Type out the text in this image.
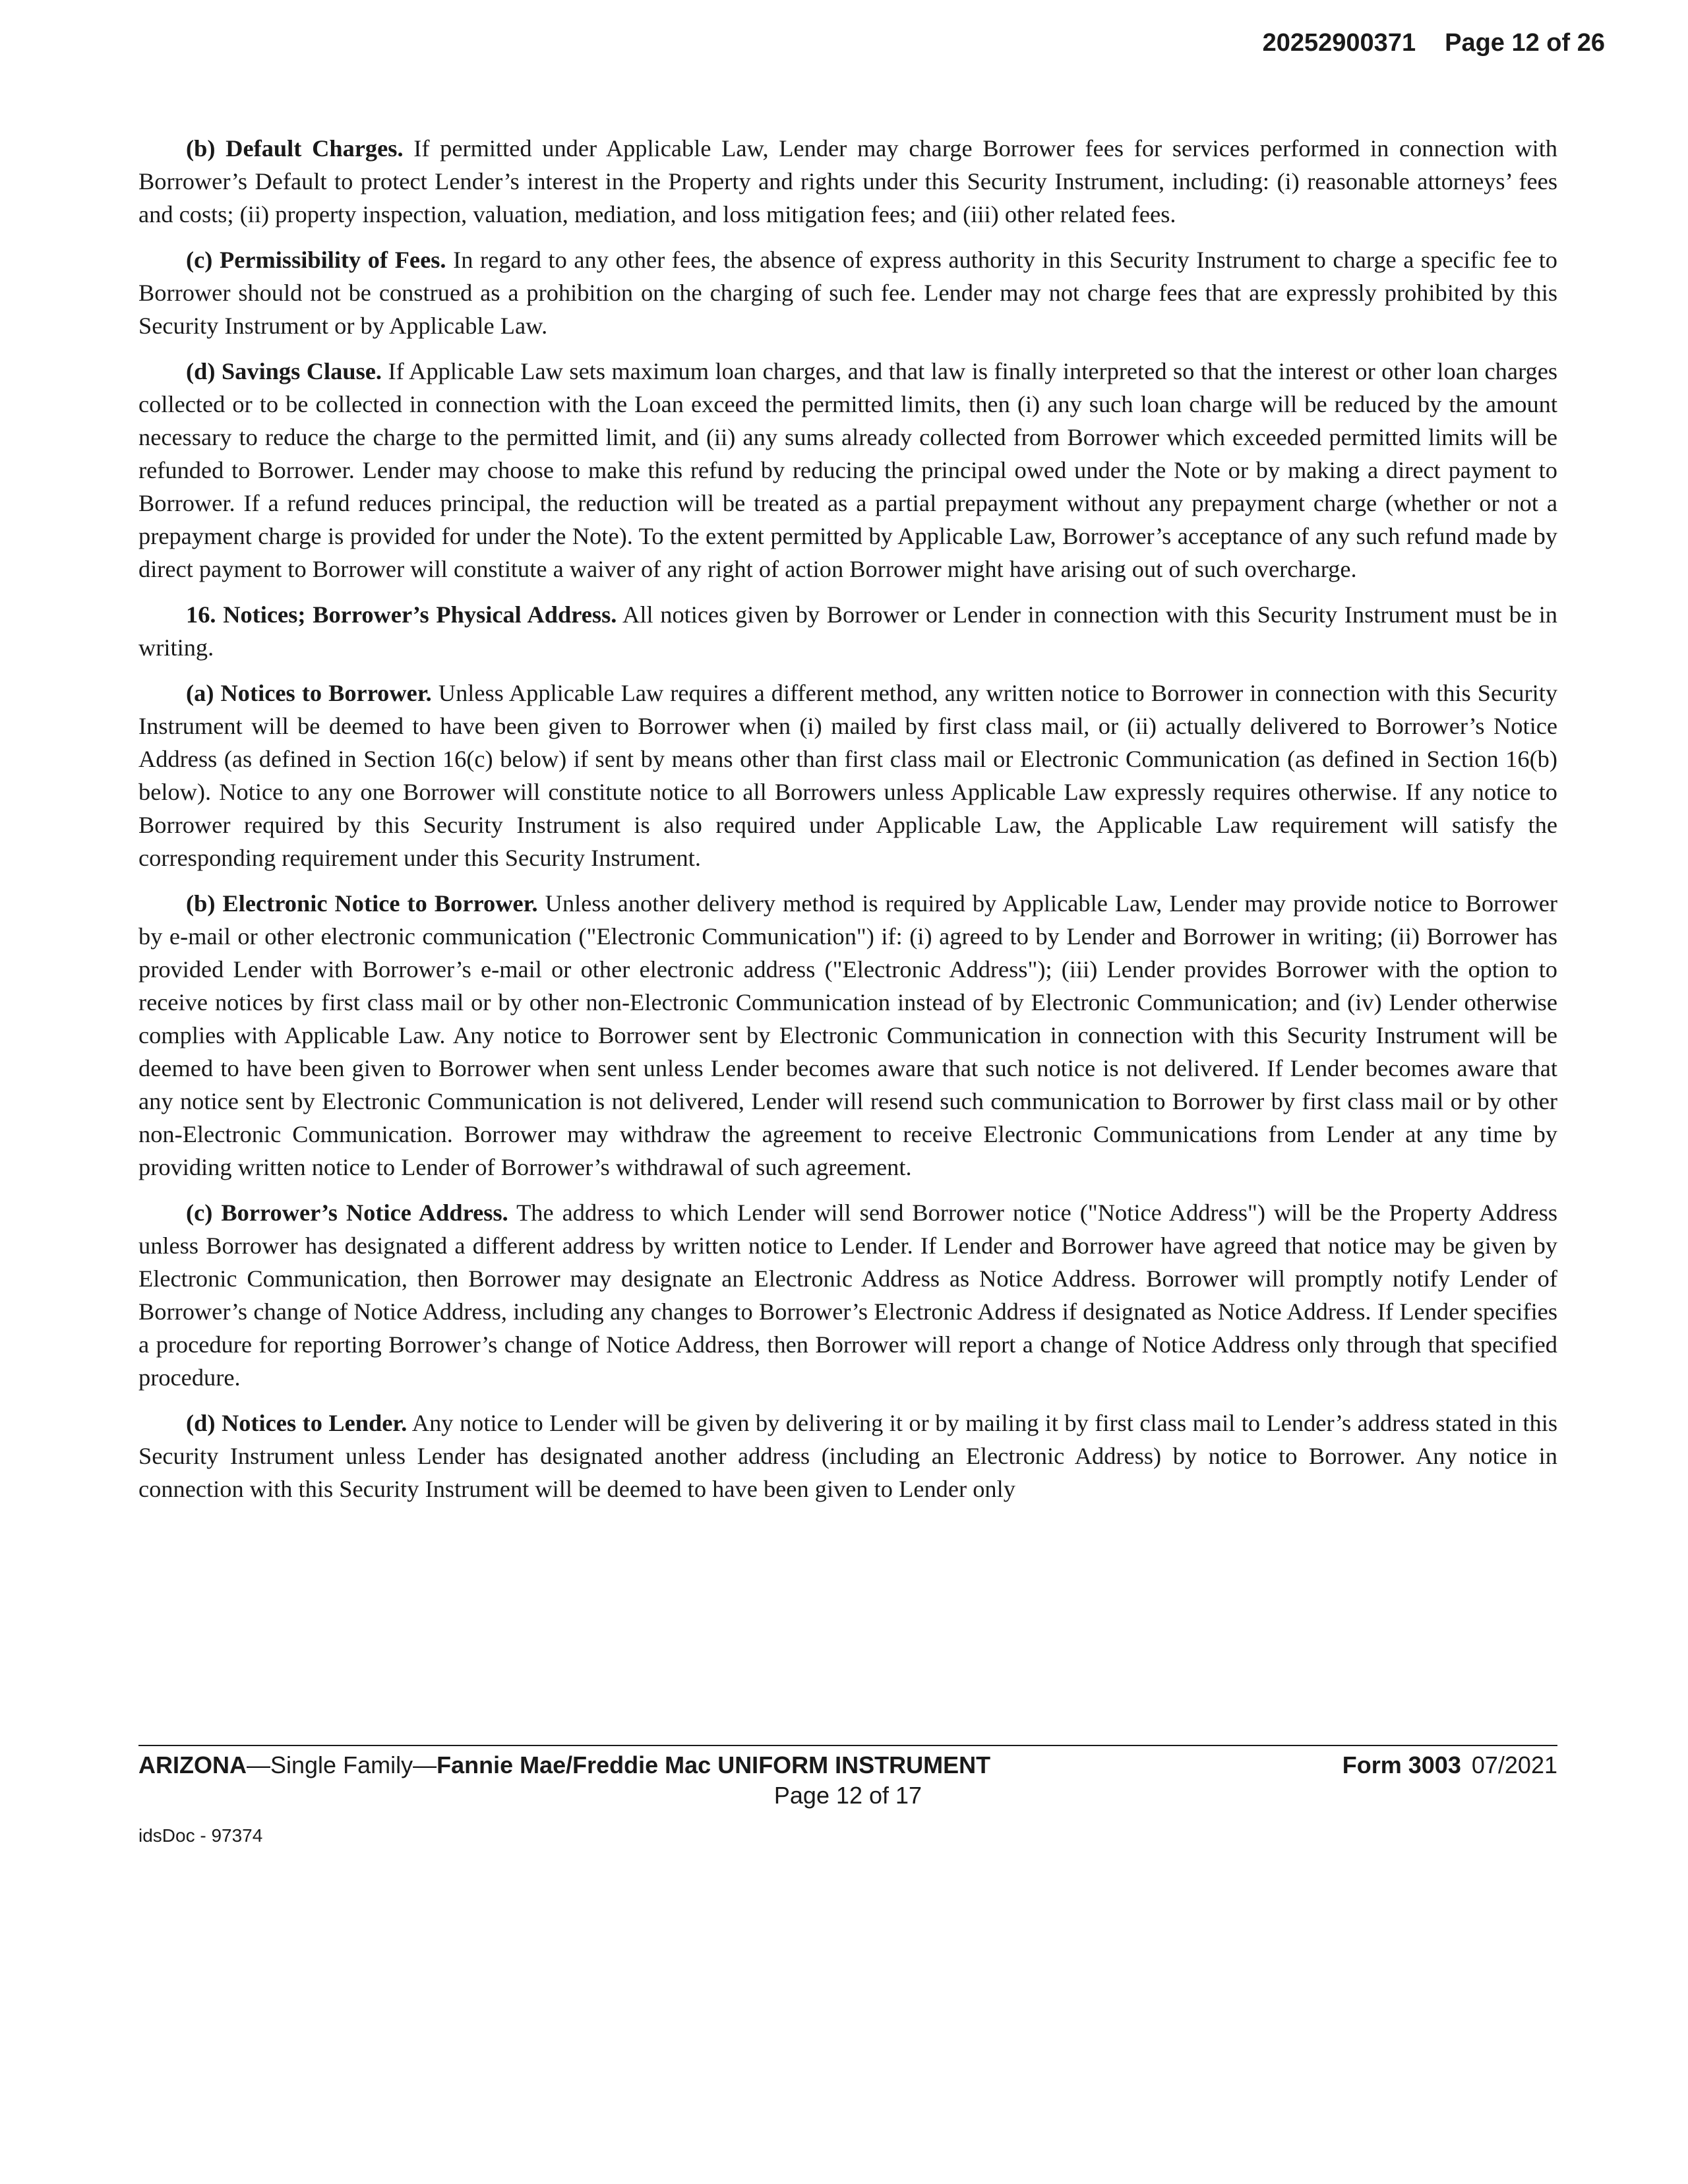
20252900371 Page 12 of 26

(b) Default Charges. If permitted under Applicable Law, Lender may charge Borrower fees for services performed in connection with Borrower’s Default to protect Lender’s interest in the Property and rights under this Security Instrument, including: (i) reasonable attorneys’ fees and costs; (ii) property inspection, valuation, mediation, and loss mitigation fees; and (iii) other related fees.

(c) Permissibility of Fees. In regard to any other fees, the absence of express authority in this Security Instrument to charge a specific fee to Borrower should not be construed as a prohibition on the charging of such fee. Lender may not charge fees that are expressly prohibited by this Security Instrument or by Applicable Law.

(d) Savings Clause. If Applicable Law sets maximum loan charges, and that law is finally interpreted so that the interest or other loan charges collected or to be collected in connection with the Loan exceed the permitted limits, then (i) any such loan charge will be reduced by the amount necessary to reduce the charge to the permitted limit, and (ii) any sums already collected from Borrower which exceeded permitted limits will be refunded to Borrower. Lender may choose to make this refund by reducing the principal owed under the Note or by making a direct payment to Borrower. If a refund reduces principal, the reduction will be treated as a partial prepayment without any prepayment charge (whether or not a prepayment charge is provided for under the Note). To the extent permitted by Applicable Law, Borrower’s acceptance of any such refund made by direct payment to Borrower will constitute a waiver of any right of action Borrower might have arising out of such overcharge.

16. Notices; Borrower’s Physical Address. All notices given by Borrower or Lender in connection with this Security Instrument must be in writing.

(a) Notices to Borrower. Unless Applicable Law requires a different method, any written notice to Borrower in connection with this Security Instrument will be deemed to have been given to Borrower when (i) mailed by first class mail, or (ii) actually delivered to Borrower’s Notice Address (as defined in Section 16(c) below) if sent by means other than first class mail or Electronic Communication (as defined in Section 16(b) below). Notice to any one Borrower will constitute notice to all Borrowers unless Applicable Law expressly requires otherwise. If any notice to Borrower required by this Security Instrument is also required under Applicable Law, the Applicable Law requirement will satisfy the corresponding requirement under this Security Instrument.

(b) Electronic Notice to Borrower. Unless another delivery method is required by Applicable Law, Lender may provide notice to Borrower by e-mail or other electronic communication ("Electronic Communication") if: (i) agreed to by Lender and Borrower in writing; (ii) Borrower has provided Lender with Borrower’s e-mail or other electronic address ("Electronic Address"); (iii) Lender provides Borrower with the option to receive notices by first class mail or by other non-Electronic Communication instead of by Electronic Communication; and (iv) Lender otherwise complies with Applicable Law. Any notice to Borrower sent by Electronic Communication in connection with this Security Instrument will be deemed to have been given to Borrower when sent unless Lender becomes aware that such notice is not delivered. If Lender becomes aware that any notice sent by Electronic Communication is not delivered, Lender will resend such communication to Borrower by first class mail or by other non-Electronic Communication. Borrower may withdraw the agreement to receive Electronic Communications from Lender at any time by providing written notice to Lender of Borrower’s withdrawal of such agreement.

(c) Borrower’s Notice Address. The address to which Lender will send Borrower notice ("Notice Address") will be the Property Address unless Borrower has designated a different address by written notice to Lender. If Lender and Borrower have agreed that notice may be given by Electronic Communication, then Borrower may designate an Electronic Address as Notice Address. Borrower will promptly notify Lender of Borrower’s change of Notice Address, including any changes to Borrower’s Electronic Address if designated as Notice Address. If Lender specifies a procedure for reporting Borrower’s change of Notice Address, then Borrower will report a change of Notice Address only through that specified procedure.

(d) Notices to Lender. Any notice to Lender will be given by delivering it or by mailing it by first class mail to Lender’s address stated in this Security Instrument unless Lender has designated another address (including an Electronic Address) by notice to Borrower. Any notice in connection with this Security Instrument will be deemed to have been given to Lender only

ARIZONA—Single Family—Fannie Mae/Freddie Mac UNIFORM INSTRUMENT	Form 3003 07/2021
Page 12 of 17
idsDoc - 97374
